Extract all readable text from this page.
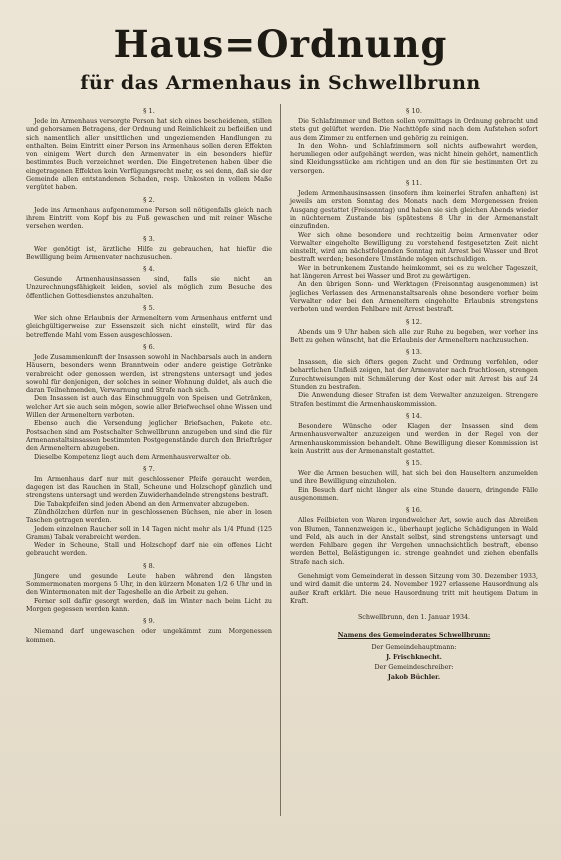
Haus=Ordnung
für das Armenhaus in Schwellbrunn
§ 1.

Jede im Armenhaus versorgte Person hat sich eines bescheidenen, stillen und gehorsamen Betragens, der Ordnung und Reinlichkeit zu befleißen und sich namentlich aller unsittlichen und ungeziemenden Handlungen zu enthalten. Beim Eintritt einer Person ins Armenhaus sollen deren Effekten von einigem Wert durch den Armenvater in ein besonders hiefür bestimmtes Buch verzeichnet werden. Die Eingetretenen haben über die eingetragenen Effekten kein Verfügungsrecht mehr, es sei denn, daß sie der Gemeinde allen entstandenen Schaden, resp. Unkosten in vollem Maße vergütet haben.

§ 2.

Jede ins Armenhaus aufgenommene Person soll nötigenfalls gleich nach ihrem Eintritt vom Kopf bis zu Fuß gewaschen und mit reiner Wäsche versehen werden.

§ 3.

Wer genötigt ist, ärztliche Hilfe zu gebrauchen, hat hiefür die Bewilligung beim Armenvater nachzusuchen.

§ 4.

Gesunde Armenhausinsassen sind, falls sie nicht an Unzurechnungsfähigkeit leiden, soviel als möglich zum Besuche des öffentlichen Gottesdienstes anzuhalten.

§ 5.

Wer sich ohne Erlaubnis der Armeneltern vom Armenhaus entfernt und gleichgültigerweise zur Essenszeit sich nicht einstellt, wird für das betreffende Mahl vom Essen ausgeschlossen.

§ 6.

Jede Zusammenkunft der Insassen sowohl in Nachbarsals auch in andern Häusern, besonders wenn Branntwein oder andere geistige Getränke verabreicht oder genossen werden, ist strengstens untersagt und jedes sowohl für denjenigen, der solches in seiner Wohnung duldet, als auch die daran Teilnehmenden, Verwarnung und Strafe nach sich.

Den Insassen ist auch das Einschmuggeln von Speisen und Getränken, welcher Art sie auch sein mögen, sowie aller Briefwechsel ohne Wissen und Willen der Armeneltern verboten.

Ebenso auch die Versendung jeglicher Briefsachen, Pakete etc. Postsachen sind am Postschalter Schwellbrunn anzugeben und sind die für Armenanstaltsinsassen bestimmten Postgegenstände durch den Briefträger den Armeneltern abzugeben.

Dieselbe Kompetenz liegt auch dem Armenhausverwalter ob.

§ 7.

Im Armenhaus darf nur mit geschlossener Pfeife geraucht werden, dagegen ist das Rauchen in Stall, Scheune und Holzschopf gänzlich und strengstens untersagt und werden Zuwiderhandelnde strengstens bestraft.

Die Tabakpfeifen sind jeden Abend an den Armenvater abzugeben.

Zündhölzchen dürfen nur in geschlossenen Büchsen, nie aber in losen Taschen getragen werden.

Jedem einzelnen Raucher soll in 14 Tagen nicht mehr als 1/4 Pfund (125 Gramm) Tabak verabreicht werden.

Weder in Scheune, Stall und Holzschopf darf nie ein offenes Licht gebraucht werden.

§ 8.

Jüngere und gesunde Leute haben während den längsten Sommermonaten morgens 5 Uhr, in den kürzern Monaten 1/2 6 Uhr und in den Wintermonaten mit der Tageshelle an die Arbeit zu gehen.

Ferner soll dafür gesorgt werden, daß im Winter nach beim Licht zu Morgen gegessen werden kann.

§ 9.

Niemand darf ungewaschen oder ungekämmt zum Morgenessen kommen.

§ 10.

Die Schlafzimmer und Betten sollen vormittags in Ordnung gebracht und stets gut gelüftet werden. Die Nachttöpfe sind nach dem Aufstehen sofort aus dem Zimmer zu entfernen und gehörig zu reinigen.

In den Wohn- und Schlafzimmern soll nichts aufbewahrt werden, herumliegen oder aufgehängt werden, was nicht hinein gehört, namentlich sind Kleidungsstücke am richtigen und an den für sie bestimmten Ort zu versorgen.

§ 11.

Jedem Armenhausinsassen (insofern ihm keinerlei Strafen anhaften) ist jeweils am ersten Sonntag des Monats nach dem Morgenessen freien Ausgang gestattet (Freisonntag) und haben sie sich gleichen Abends wieder in nüchternem Zustande bis (spätestens 8 Uhr in der Armenanstalt einzufinden.

Wer sich ohne besondere und rechtzeitig beim Armenvater oder Verwalter eingeholte Bewilligung zu vorstehend festgesetzten Zeit nicht einstellt, wird am nächstfolgenden Sonntag mit Arrest bei Wasser und Brot bestraft werden; besondere Umstände mögen entschuldigen.

Wer in betrunkenem Zustande heimkommt, sei es zu welcher Tageszeit, hat längeren Arrest bei Wasser und Brot zu gewärtigen.

An den übrigen Sonn- und Werktagen (Freisonntag ausgenommen) ist jegliches Verlassen des Armenanstaltsareals ohne besondere vorher beim Verwalter oder bei den Armeneltern eingeholte Erlaubnis strengstens verboten und werden Fehlbare mit Arrest bestraft.

§ 12.

Abends um 9 Uhr haben sich alle zur Ruhe zu begeben, wer vorher ins Bett zu gehen wünscht, hat die Erlaubnis der Armeneltern nachzusuchen.

§ 13.

Insassen, die sich öfters gegen Zucht und Ordnung verfehlen, oder beharrlichen Unfleiß zeigen, hat der Armenvater nach fruchtlosen, strengen Zurechtweisungen mit Schmälerung der Kost oder mit Arrest bis auf 24 Stunden zu bestrafen.

Die Anwendung dieser Strafen ist dem Verwalter anzuzeigen. Strengere Strafen bestimmt die Armenhauskommission.

§ 14.

Besondere Wünsche oder Klagen der Insassen sind dem Armenhausverwalter anzuzeigen und werden in der Regel von der Armenhauskommission behandelt. Ohne Bewilligung dieser Kommission ist kein Austritt aus der Armenanstalt gestattet.

§ 15.

Wer die Armen besuchen will, hat sich bei den Hauseltern anzumelden und ihre Bewilligung einzuholen.

Ein Besuch darf nicht länger als eine Stunde dauern, dringende Fälle ausgenommen.

§ 16.

Alles Feilbieten von Waren irgendwelcher Art, sowie auch das Abreißen von Blumen, Tannenzweigen ic., überhaupt jegliche Schädigungen in Wald und Feld, als auch in der Anstalt selbst, sind strengstens untersagt und werden Fehlbare gegen ihr Vergehen unnachsichtlich bestraft, ebenso werden Bettel, Belästigungen ic. strenge geahndet und ziehen ebenfalls Strafe nach sich.

Genehmigt vom Gemeinderat in dessen Sitzung vom 30. Dezember 1933, und wird damit die unterm 24. November 1927 erlassene Hausordnung als außer Kraft erklärt. Die neue Hausordnung tritt mit heutigem Datum in Kraft.

Schwellbrunn, den 1. Januar 1934.
Namens des Gemeinderates Schwellbrunn:
Der Gemeindehauptmann:
J. Frischknecht.
Der Gemeindeschreiber:
Jakob Büchler.
